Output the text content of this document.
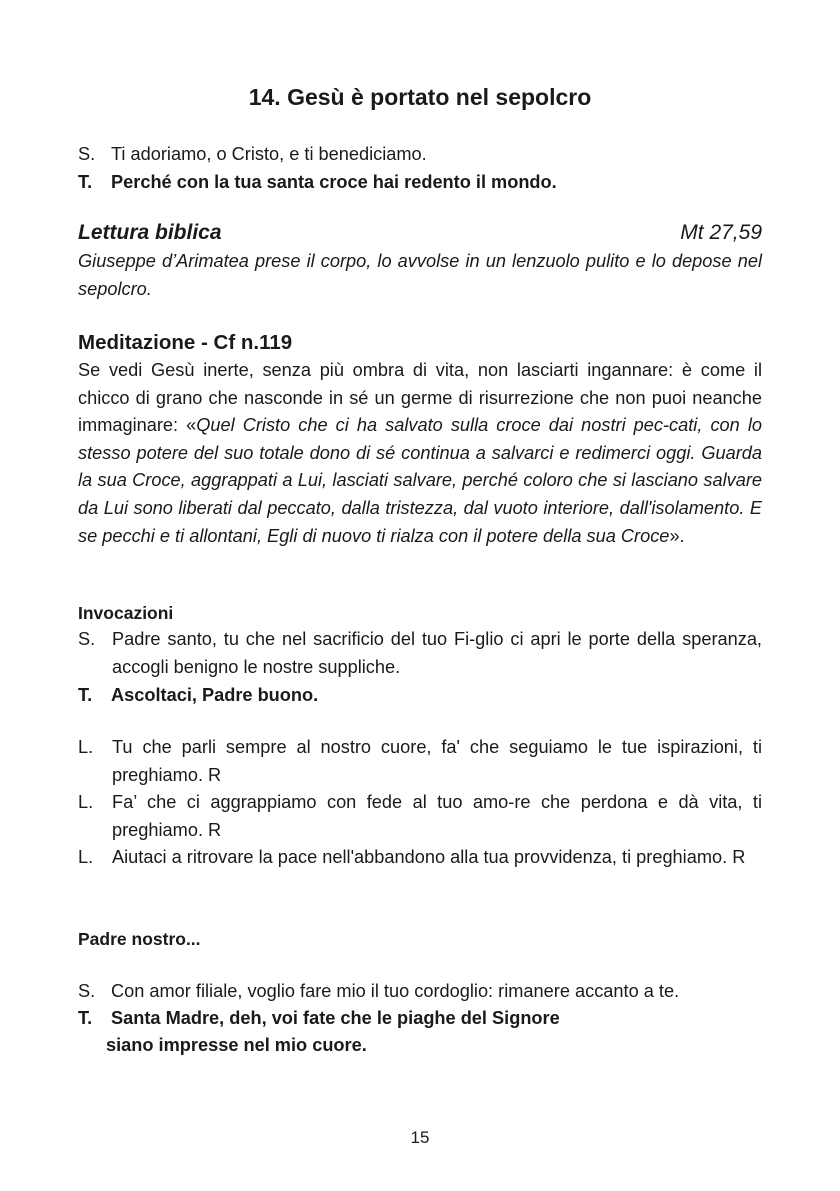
14. Gesù è portato nel sepolcro
S. Ti adoriamo, o Cristo, e ti benediciamo.
T. Perché con la tua santa croce hai redento il mondo.
Lettura biblica	Mt 27,59

Giuseppe d’Arimatea prese il corpo, lo avvolse in un lenzuolo pulito e lo depose nel sepolcro.

Meditazione - Cf n.119

Se vedi Gesù inerte, senza più ombra di vita, non lasciarti ingannare: è come il chicco di grano che nasconde in sé un germe di risurrezione che non puoi neanche immaginare: «Quel Cristo che ci ha salvato sulla croce dai nostri pec-cati, con lo stesso potere del suo totale dono di sé continua a salvarci e redimerci oggi. Guarda la sua Croce, aggrappati a Lui, lasciati salvare, perché coloro che si lasciano salvare da Lui sono liberati dal peccato, dalla tristezza, dal vuoto interiore, dall'isolamento. E se pecchi e ti allontani, Egli di nuovo ti rialza con il potere della sua Croce».

Invocazioni
S. Padre santo, tu che nel sacrificio del tuo Fi-glio ci apri le porte della speranza, accogli benigno le nostre suppliche.
T. Ascoltaci, Padre buono.
L. Tu che parli sempre al nostro cuore, fa' che seguiamo le tue ispirazioni, ti preghiamo. R
L. Fa’ che ci aggrappiamo con fede al tuo amo-re che perdona e dà vita, ti preghiamo. R
L. Aiutaci a ritrovare la pace nell'abbandono alla tua provvidenza, ti preghiamo. R
Padre nostro...
S. Con amor filiale, voglio fare mio il tuo cordoglio: rimanere accanto a te.
T. Santa Madre, deh, voi fate che le piaghe del Signore
siano impresse nel mio cuore.
15
